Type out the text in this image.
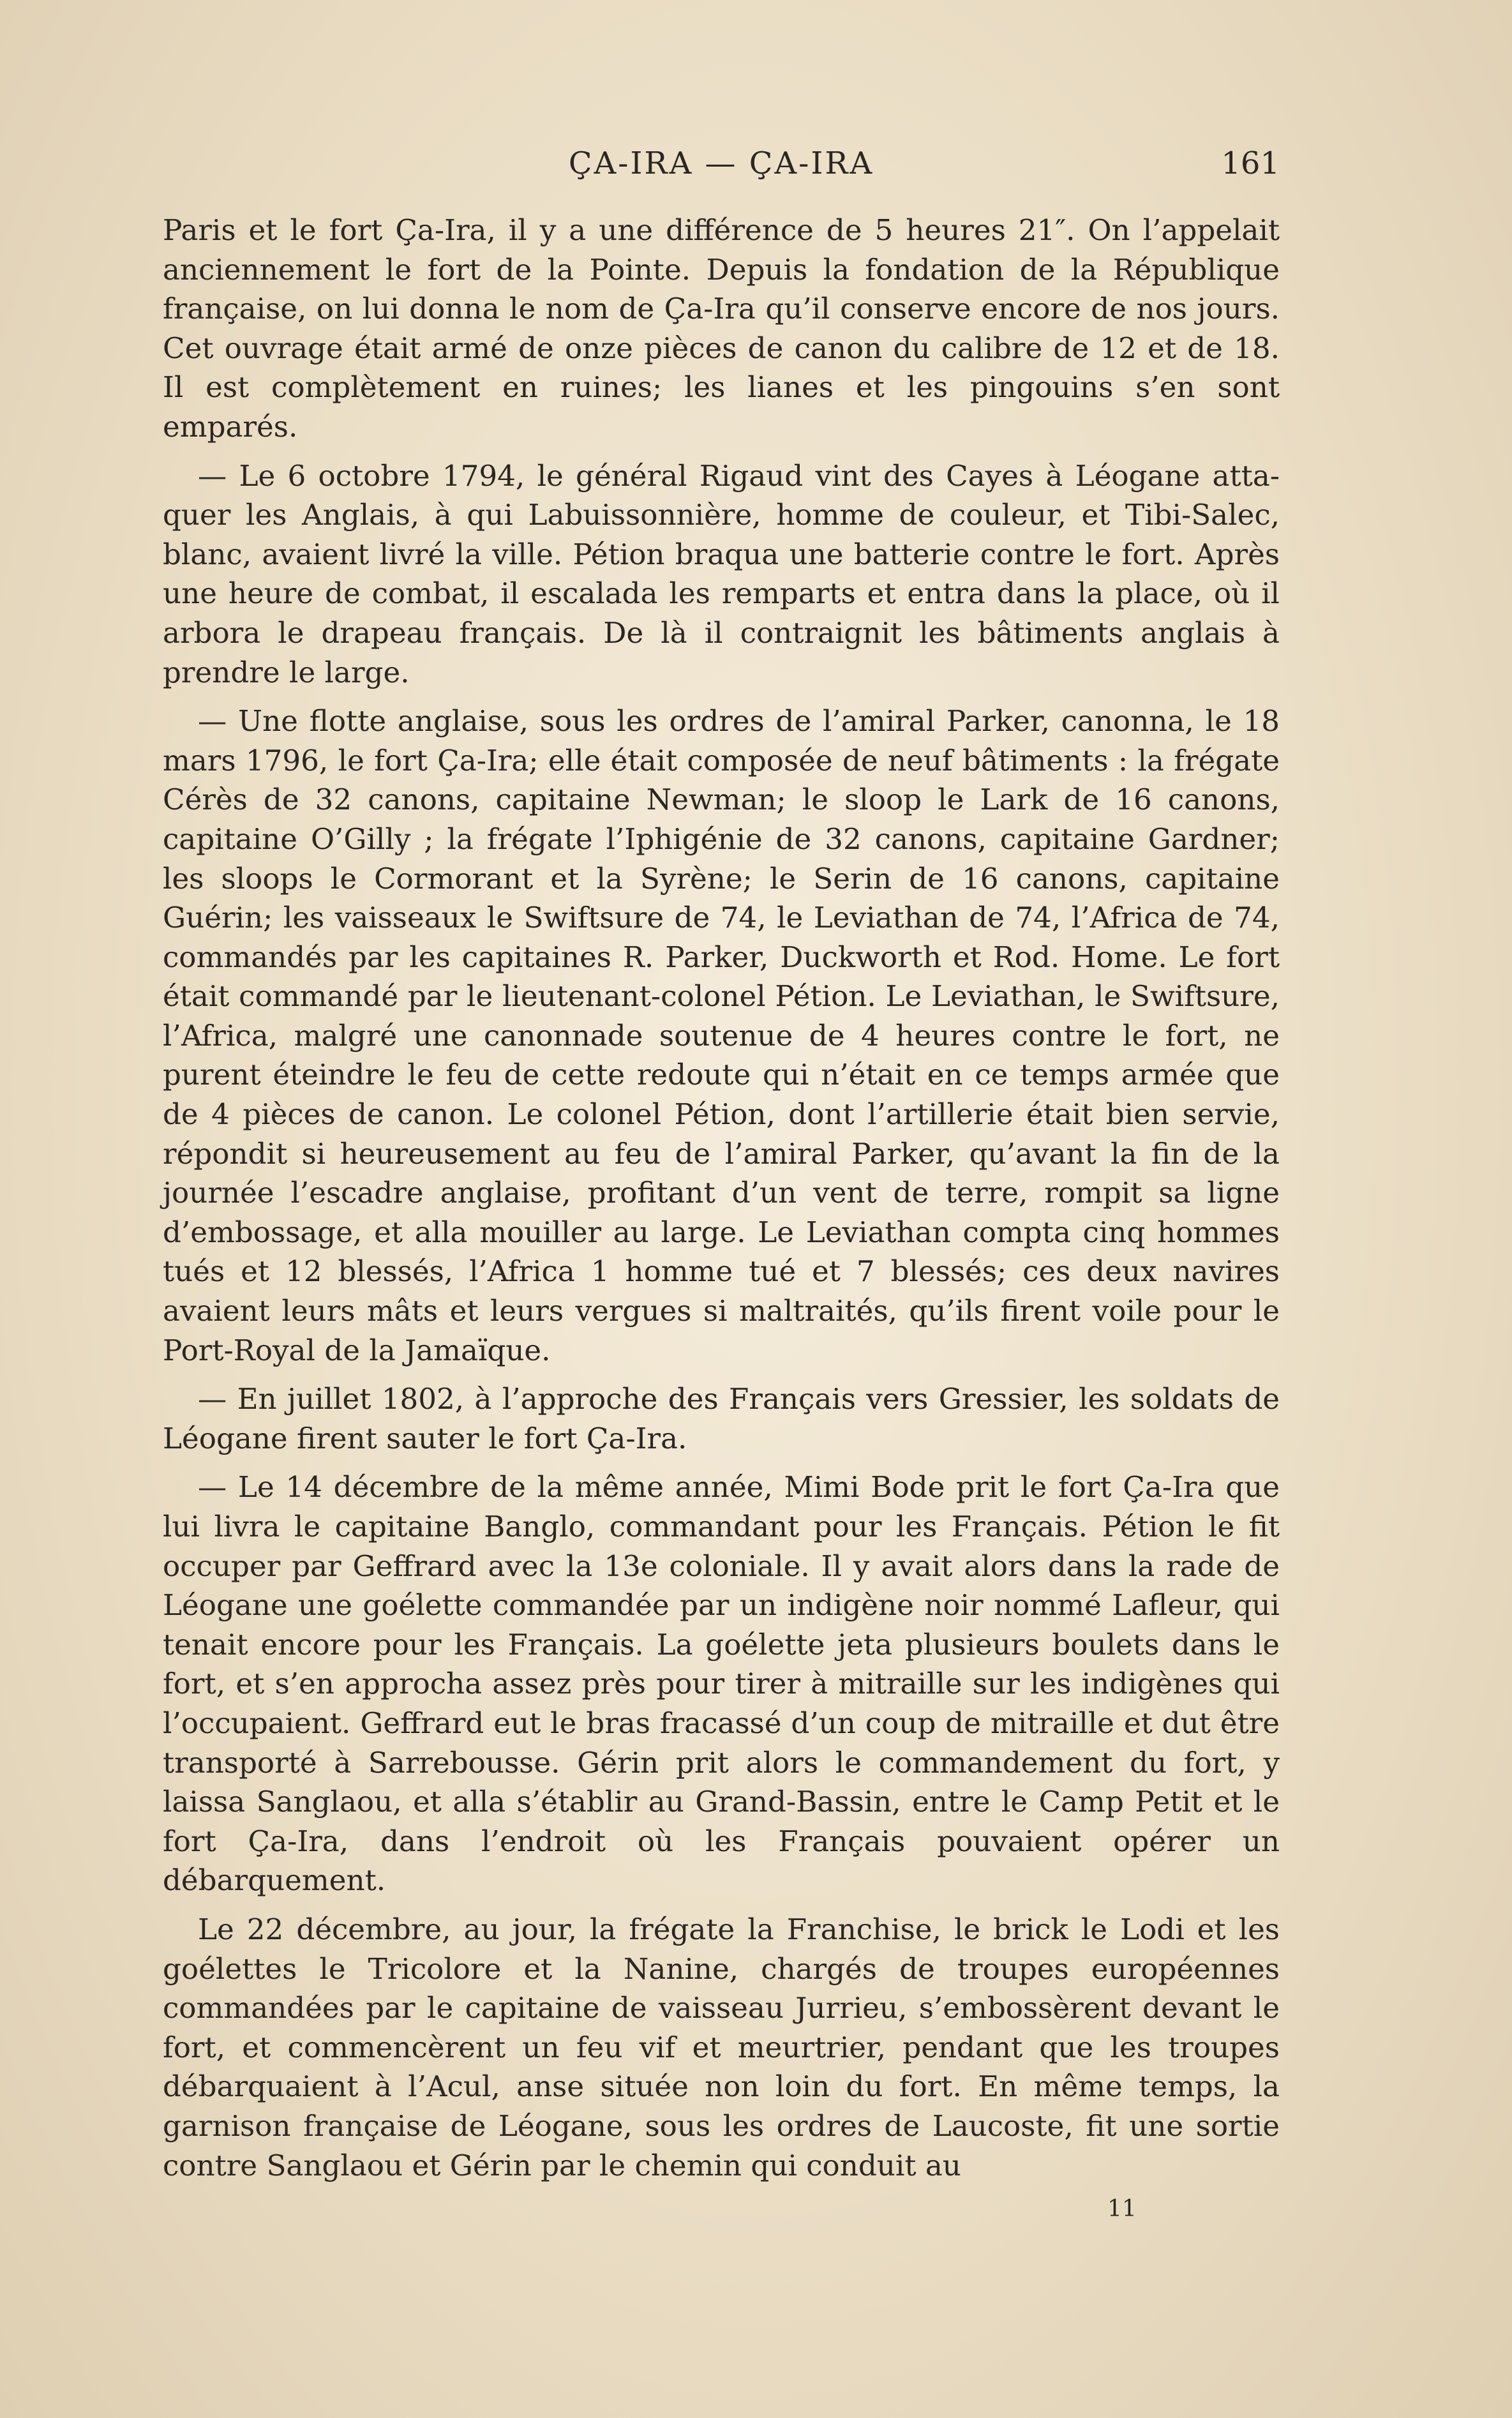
ÇA-IRA — ÇA-IRA	161

Paris et le fort Ça-Ira, il y a une différence de 5 heures 21″. On l’appelait anciennement le fort de la Pointe. Depuis la fondation de la République française, on lui donna le nom de Ça-Ira qu’il conserve encore de nos jours. Cet ouvrage était armé de onze pièces de canon du calibre de 12 et de 18. Il est complètement en ruines; les lianes et les pingouins s’en sont emparés.

— Le 6 octobre 1794, le général Rigaud vint des Cayes à Léogane attaquer les Anglais, à qui Labuissonnière, homme de couleur, et Tibi-Salec, blanc, avaient livré la ville. Pétion braqua une batterie contre le fort. Après une heure de combat, il escalada les remparts et entra dans la place, où il arbora le drapeau français. De là il contraignit les bâtiments anglais à prendre le large.

— Une flotte anglaise, sous les ordres de l’amiral Parker, canonna, le 18 mars 1796, le fort Ça-Ira; elle était composée de neuf bâtiments : la frégate Cérès de 32 canons, capitaine Newman; le sloop le Lark de 16 canons, capitaine O’Gilly ; la frégate l’Iphigénie de 32 canons, capitaine Gardner; les sloops le Cormorant et la Syrène; le Serin de 16 canons, capitaine Guérin; les vaisseaux le Swiftsure de 74, le Leviathan de 74, l’Africa de 74, commandés par les capitaines R. Parker, Duckworth et Rod. Home. Le fort était commandé par le lieutenant-colonel Pétion. Le Leviathan, le Swiftsure, l’Africa, malgré une canonnade soutenue de 4 heures contre le fort, ne purent éteindre le feu de cette redoute qui n’était en ce temps armée que de 4 pièces de canon. Le colonel Pétion, dont l’artillerie était bien servie, répondit si heureusement au feu de l’amiral Parker, qu’avant la fin de la journée l’escadre anglaise, profitant d’un vent de terre, rompit sa ligne d’embossage, et alla mouiller au large. Le Leviathan compta cinq hommes tués et 12 blessés, l’Africa 1 homme tué et 7 blessés; ces deux navires avaient leurs mâts et leurs vergues si maltraités, qu’ils firent voile pour le Port-Royal de la Jamaïque.

— En juillet 1802, à l’approche des Français vers Gressier, les soldats de Léogane firent sauter le fort Ça-Ira.

— Le 14 décembre de la même année, Mimi Bode prit le fort Ça-Ira que lui livra le capitaine Banglo, commandant pour les Français. Pétion le fit occuper par Geffrard avec la 13e coloniale. Il y avait alors dans la rade de Léogane une goélette commandée par un indigène noir nommé Lafleur, qui tenait encore pour les Français. La goélette jeta plusieurs boulets dans le fort, et s’en approcha assez près pour tirer à mitraille sur les indigènes qui l’occupaient. Geffrard eut le bras fracassé d’un coup de mitraille et dut être transporté à Sarrebousse. Gérin prit alors le commandement du fort, y laissa Sanglaou, et alla s’établir au Grand-Bassin, entre le Camp Petit et le fort Ça-Ira, dans l’endroit où les Français pouvaient opérer un débarquement.

Le 22 décembre, au jour, la frégate la Franchise, le brick le Lodi et les goélettes le Tricolore et la Nanine, chargés de troupes européennes commandées par le capitaine de vaisseau Jurrieu, s’embossèrent devant le fort, et commencèrent un feu vif et meurtrier, pendant que les troupes débarquaient à l’Acul, anse située non loin du fort. En même temps, la garnison française de Léogane, sous les ordres de Laucoste, fit une sortie contre Sanglaou et Gérin par le chemin qui conduit au

11
